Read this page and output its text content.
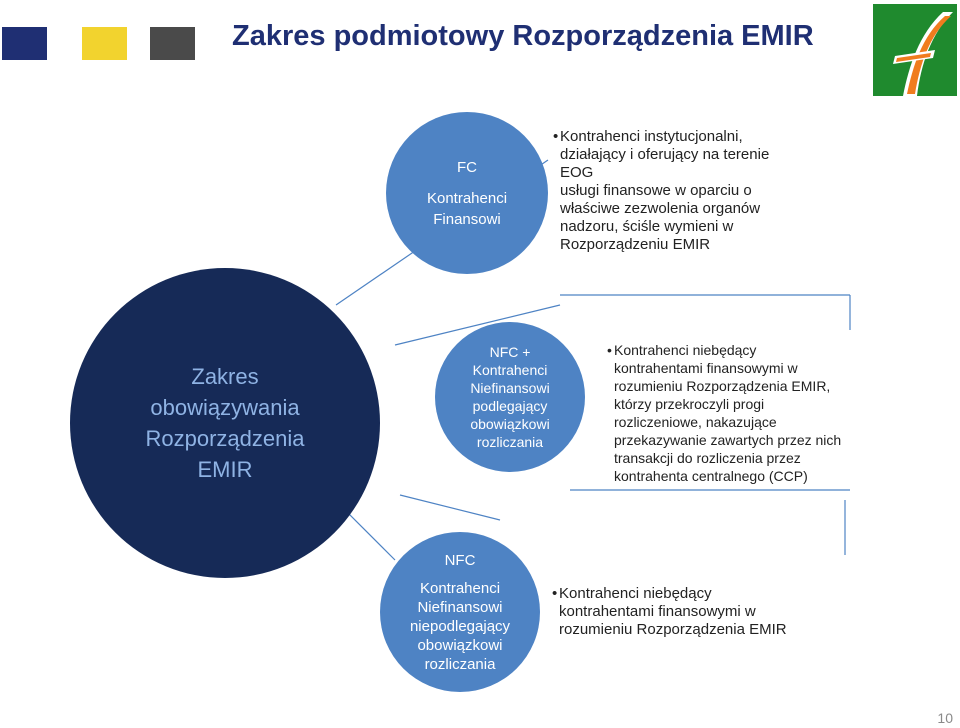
Zakres podmiotowy Rozporządzenia EMIR
Zakres
obowiązywania
Rozporządzenia
EMIR
FC
Kontrahenci
Finansowi
• Kontrahenci instytucjonalni,
działający i oferujący na terenie EOG
usługi finansowe w oparciu o
właściwe zezwolenia organów
nadzoru, ściśle wymieni w
Rozporządzeniu EMIR
NFC +
Kontrahenci
Niefinansowi
podlegający
obowiązkowi
rozliczania
• Kontrahenci niebędący
kontrahentami finansowymi w
rozumieniu Rozporządzenia EMIR,
którzy przekroczyli progi
rozliczeniowe, nakazujące
przekazywanie zawartych przez nich
transakcji do rozliczenia przez
kontrahenta centralnego (CCP)
NFC
Kontrahenci
Niefinansowi
niepodlegający
obowiązkowi
rozliczania
• Kontrahenci niebędący
kontrahentami finansowymi w
rozumieniu Rozporządzenia EMIR
10
